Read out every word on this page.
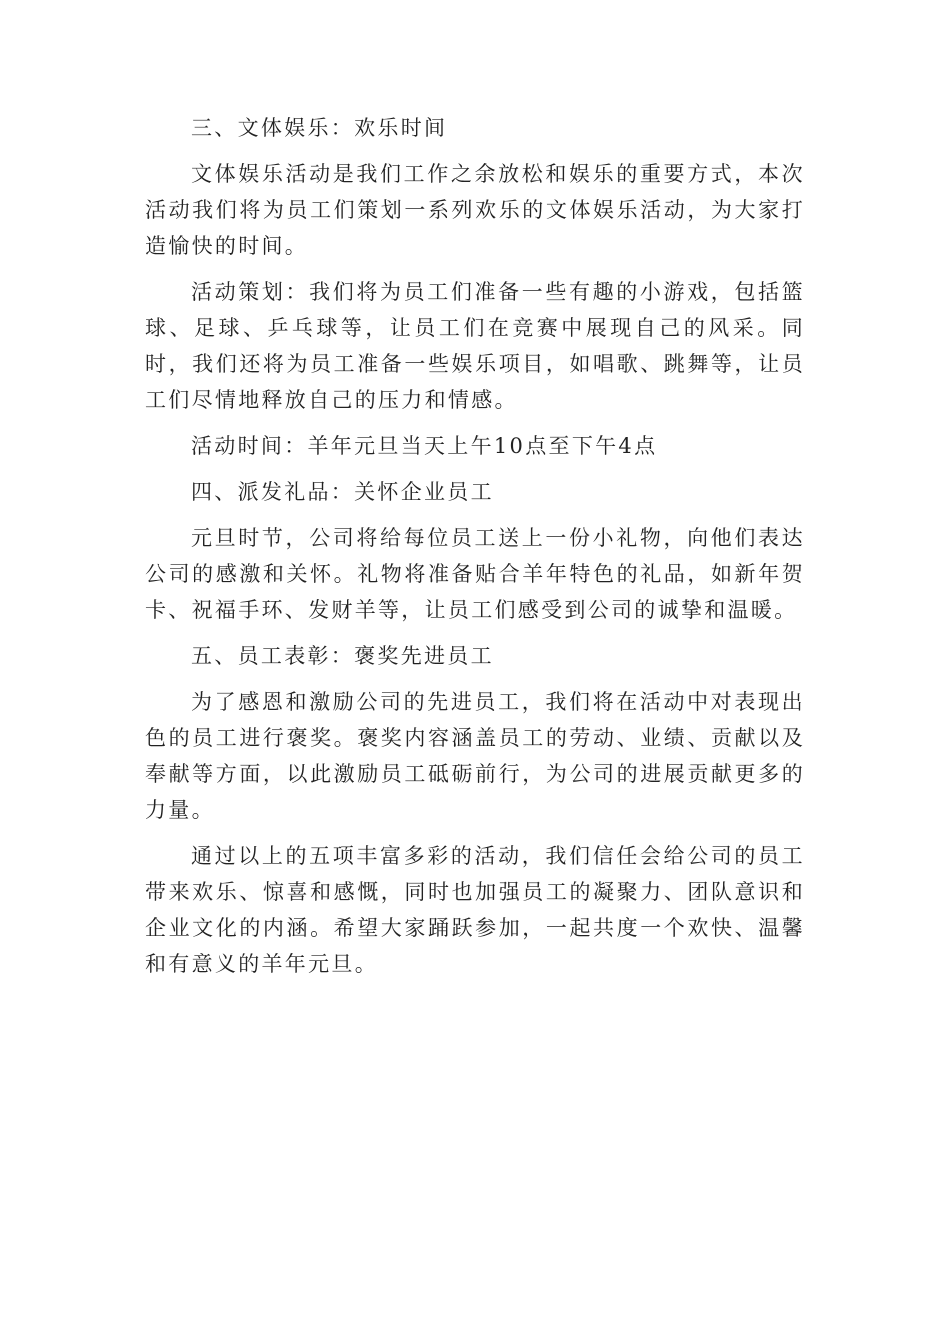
三、文体娱乐：欢乐时间

文体娱乐活动是我们工作之余放松和娱乐的重要方式，本次活动我们将为员工们策划一系列欢乐的文体娱乐活动，为大家打造愉快的时间。

活动策划：我们将为员工们准备一些有趣的小游戏，包括篮球、足球、乒乓球等，让员工们在竞赛中展现自己的风采。同时，我们还将为员工准备一些娱乐项目，如唱歌、跳舞等，让员工们尽情地释放自己的压力和情感。

活动时间：羊年元旦当天上午10点至下午4点

四、派发礼品：关怀企业员工

元旦时节，公司将给每位员工送上一份小礼物，向他们表达公司的感激和关怀。礼物将准备贴合羊年特色的礼品，如新年贺卡、祝福手环、发财羊等，让员工们感受到公司的诚挚和温暖。

五、员工表彰：褒奖先进员工

为了感恩和激励公司的先进员工，我们将在活动中对表现出色的员工进行褒奖。褒奖内容涵盖员工的劳动、业绩、贡献以及奉献等方面，以此激励员工砥砺前行，为公司的进展贡献更多的力量。

通过以上的五项丰富多彩的活动，我们信任会给公司的员工带来欢乐、惊喜和感慨，同时也加强员工的凝聚力、团队意识和企业文化的内涵。希望大家踊跃参加，一起共度一个欢快、温馨和有意义的羊年元旦。
